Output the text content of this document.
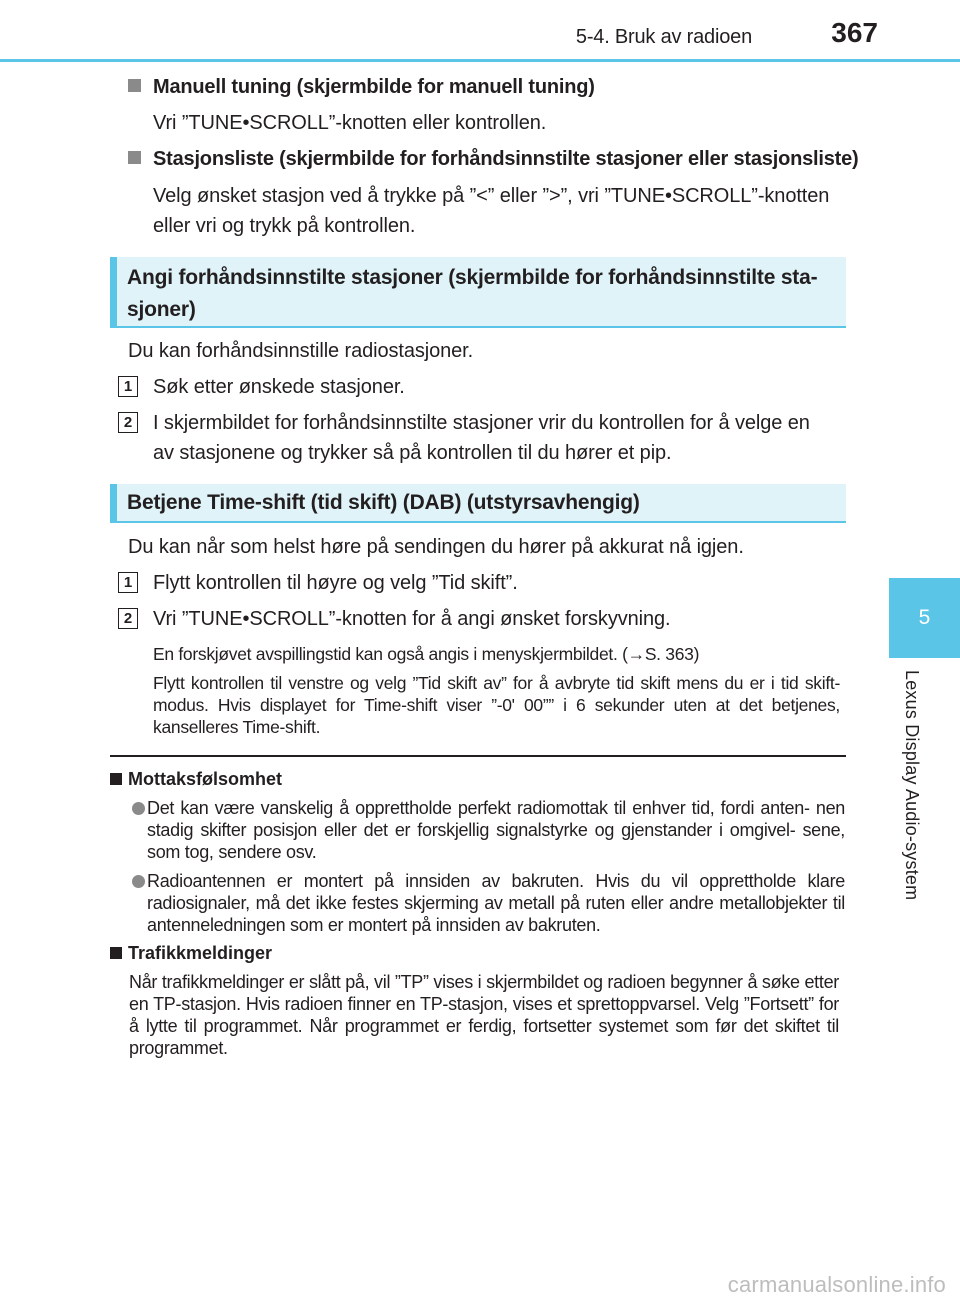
5-4. Bruk av radioen	367
5
Lexus Display Audio-system
Manuell tuning (skjermbilde for manuell tuning)
Vri ”TUNE•SCROLL”-knotten eller kontrollen.
Stasjonsliste (skjermbilde for forhåndsinnstilte stasjoner eller stasjonsliste)
Velg ønsket stasjon ved å trykke på ”<” eller ”>”, vri ”TUNE•SCROLL”-knotten
eller vri og trykk på kontrollen.
Angi forhåndsinnstilte stasjoner (skjermbilde for forhåndsinnstilte sta-
sjoner)
Du kan forhåndsinnstille radiostasjoner.
1 Søk etter ønskede stasjoner.
2 I skjermbildet for forhåndsinnstilte stasjoner vrir du kontrollen for å velge en
av stasjonene og trykker så på kontrollen til du hører et pip.
Betjene Time-shift (tid skift) (DAB) (utstyrsavhengig)
Du kan når som helst høre på sendingen du hører på akkurat nå igjen.
1 Flytt kontrollen til høyre og velg ”Tid skift”.
2 Vri ”TUNE•SCROLL”-knotten for å angi ønsket forskyvning.
En forskjøvet avspillingstid kan også angis i menyskjermbildet. (→S. 363)
Flytt kontrollen til venstre og velg ”Tid skift av” for å avbryte tid skift mens du er i tid skift-modus. Hvis displayet for Time-shift viser ”-0' 00”” i 6 sekunder uten at det betjenes, kanselleres Time-shift.
Mottaksfølsomhet
Det kan være vanskelig å opprettholde perfekt radiomottak til enhver tid, fordi anten- nen stadig skifter posisjon eller det er forskjellig signalstyrke og gjenstander i omgivel- sene, som tog, sendere osv.
Radioantennen er montert på innsiden av bakruten. Hvis du vil opprettholde klare radiosignaler, må det ikke festes skjerming av metall på ruten eller andre metallobjekter til antenneledningen som er montert på innsiden av bakruten.
Trafikkmeldinger
Når trafikkmeldinger er slått på, vil ”TP” vises i skjermbildet og radioen begynner å søke etter en TP-stasjon. Hvis radioen finner en TP-stasjon, vises et sprettoppvarsel. Velg ”Fortsett” for å lytte til programmet. Når programmet er ferdig, fortsetter systemet som før det skiftet til programmet.
carmanualsonline.info
